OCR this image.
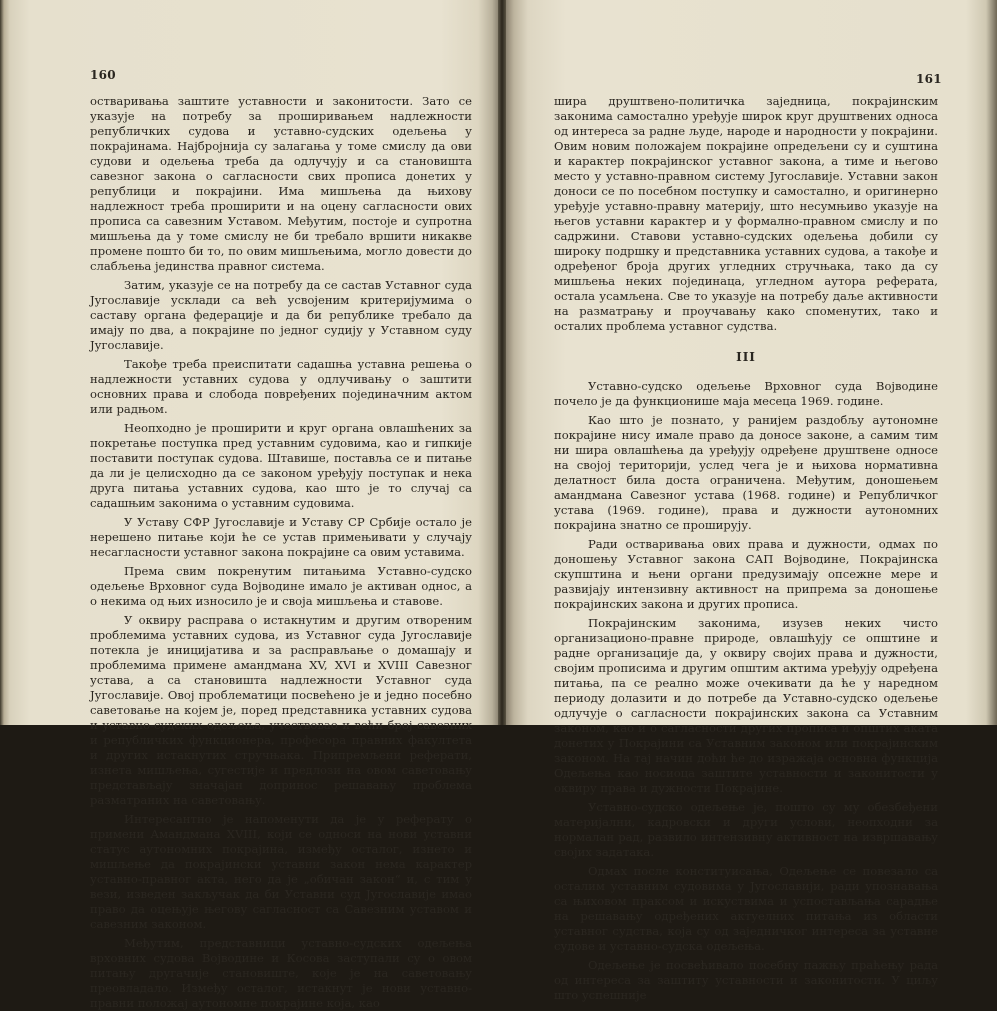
160

остваривања заштите уставности и законитости. Зато се указује на потребу за проширивањем надлежности републичких судова и уставно-судских одељења у покрајинама. Најбројнија су залагања у томе смислу да ови судови и одељења треба да одлучују и са становишта савезног закона о сагласности свих прописа донетих у републици и покрајини. Има мишљења да њихову надлежност треба проширити и на оцену сагласности ових прописа са савезним Уставом. Међутим, постоје и супротна мишљења да у томе смислу не би требало вршити никакве промене пошто би то, по овим мишљењима, могло довести до слабљења јединства правног система.

Затим, указује се на потребу да се састав Уставног суда Југославије усклади са већ усвојеним критеријумима о саставу органа федерације и да би републике требало да имају по два, а покрајине по једног судију у Уставном суду Југославије.

Такође треба преиспитати садашња уставна решења о надлежности уставних судова у одлучивању о заштити основних права и слобода повређених појединачним актом или радњом.

Неопходно је проширити и круг органа овлашћених за покретање поступка пред уставним судовима, као и гипкије поставити поступак судова. Штавише, поставља се и питање да ли је целисходно да се законом уређују поступак и нека друга питања уставних судова, као што је то случај са садашњим законима о уставним судовима.

У Уставу СФР Југославије и Уставу СР Србије остало је нерешено питање који ће се устав примењивати у случају несагласности уставног закона покрајине са овим уставима.

Према свим покренутим питањима Уставно-судско одељење Врховног суда Војводине имало је активан однос, а о некима од њих износило је и своја мишљења и ставове.

У оквиру расправа о истакнутим и другим отвореним проблемима уставних судова, из Уставног суда Југославије потекла је иницијатива и за расправљање о домашају и проблемима примене амандмана XV, XVI и XVIII Савезног устава, а са становишта надлежности Уставног суда Југославије. Овој проблематици посвећено је и једно посебно саветовање на којем је, поред представника уставних судова и уставно-судских одељења, учествовао и већи број савезних и републичких функционера, професора правних факултета и других истакнутих стручњака. Припремљени реферати, изнета мишљења, сугестије и предлози на овом саветовању представљају значајан допринос решавању проблема разматраних на саветовању.

Интересантно је напоменути да је у реферату о примени Амандмана XVIII, који се односи на нови уставни статус аутономних покрајина, између осталог, изнето и мишљење да покрајински уставни закон нема карактер уставно-правног акта, него да је „обичан закон“ и, с тим у вези, изведен закључак да би Уставни суд Југославије имао право да оцењује његову сагласност са Савезним уставом и савезним законом.

Међутим, представници уставно-судских одељења врховних судова Војводине и Косова заступали су о овом питању другачије становиште, које је на саветовању преовладало. Између осталог, истакнут је нови уставно-правни положај аутономне покрајине која, као

161

шира друштвено-политичка заједница, покрајинским законима самостално уређује широк круг друштвених односа од интереса за радне људе, народе и народности у покрајини. Овим новим положајем покрајине опредељени су и суштина и карактер покрајинског уставног закона, а тиме и његово место у уставно-правном систему Југославије. Уставни закон доноси се по посебном поступку и самостално, и оригинерно уређује уставно-правну материју, што несумњиво указује на његов уставни карактер и у формално-правном смислу и по садржини. Ставови уставно-судских одељења добили су широку подршку и представника уставних судова, а такође и одређеног броја других угледних стручњака, тако да су мишљења неких појединаца, угледном аутора реферата, остала усамљена. Све то указује на потребу даље активности на разматрању и проучавању како споменутих, тако и осталих проблема уставног судства.

III

Уставно-судско одељење Врховног суда Војводине почело је да функционише маја месеца 1969. године.

Као што је познато, у ранијем раздобљу аутономне покрајине нису имале право да доносе законе, а самим тим ни шира овлашћења да уређују одређене друштвене односе на својој територији, услед чега је и њихова нормативна делатност била доста ограничена. Међутим, доношењем амандмана Савезног устава (1968. године) и Републичког устава (1969. године), права и дужности аутономних покрајина знатно се проширују.

Ради остваривања ових права и дужности, одмах по доношењу Уставног закона САП Војводине, Покрајинска скупштина и њени органи предузимају опсежне мере и развијају интензивну активност на припрема за доношење покрајинских закона и других прописа.

Покрајинским законима, изузев неких чисто организационо-правне природе, овлашћују се општине и радне организације да, у оквиру својих права и дужности, својим прописима и другим општим актима уређују одређена питања, па се реално може очекивати да ће у наредном периоду долазити и до потребе да Уставно-судско одељење одлучује о сагласности покрајинских закона са Уставним законом, као и о сагласности других прописа и општих аката донетих у Покрајини са Уставним законом или покрајинским законом. На тај начин доћи ће до изражаја основна функција Одељења као носиоца заштите уставности и законитости у оквиру права и дужности Покрајине.

Уставно-судско одељење је, пошто су му обезбеђени материјални, кадровски и други услови, неопходни за нормалан рад, развило интензивну активност на извршавању својих задатака.

Одмах после конституисања, Одељење се повезало са осталим уставним судовима у Југославији, ради упознавања са њиховом праксом и искуствима и успостављања сарадње на решавању одређених актуелних питања из области уставног судства, која су од заједничког интереса за уставне судове и уставно-судска одељења.

Одељење је посвећивало посебну пажњу праћењу рада од интереса за заштиту уставности и законитости. У циљу што успешније
